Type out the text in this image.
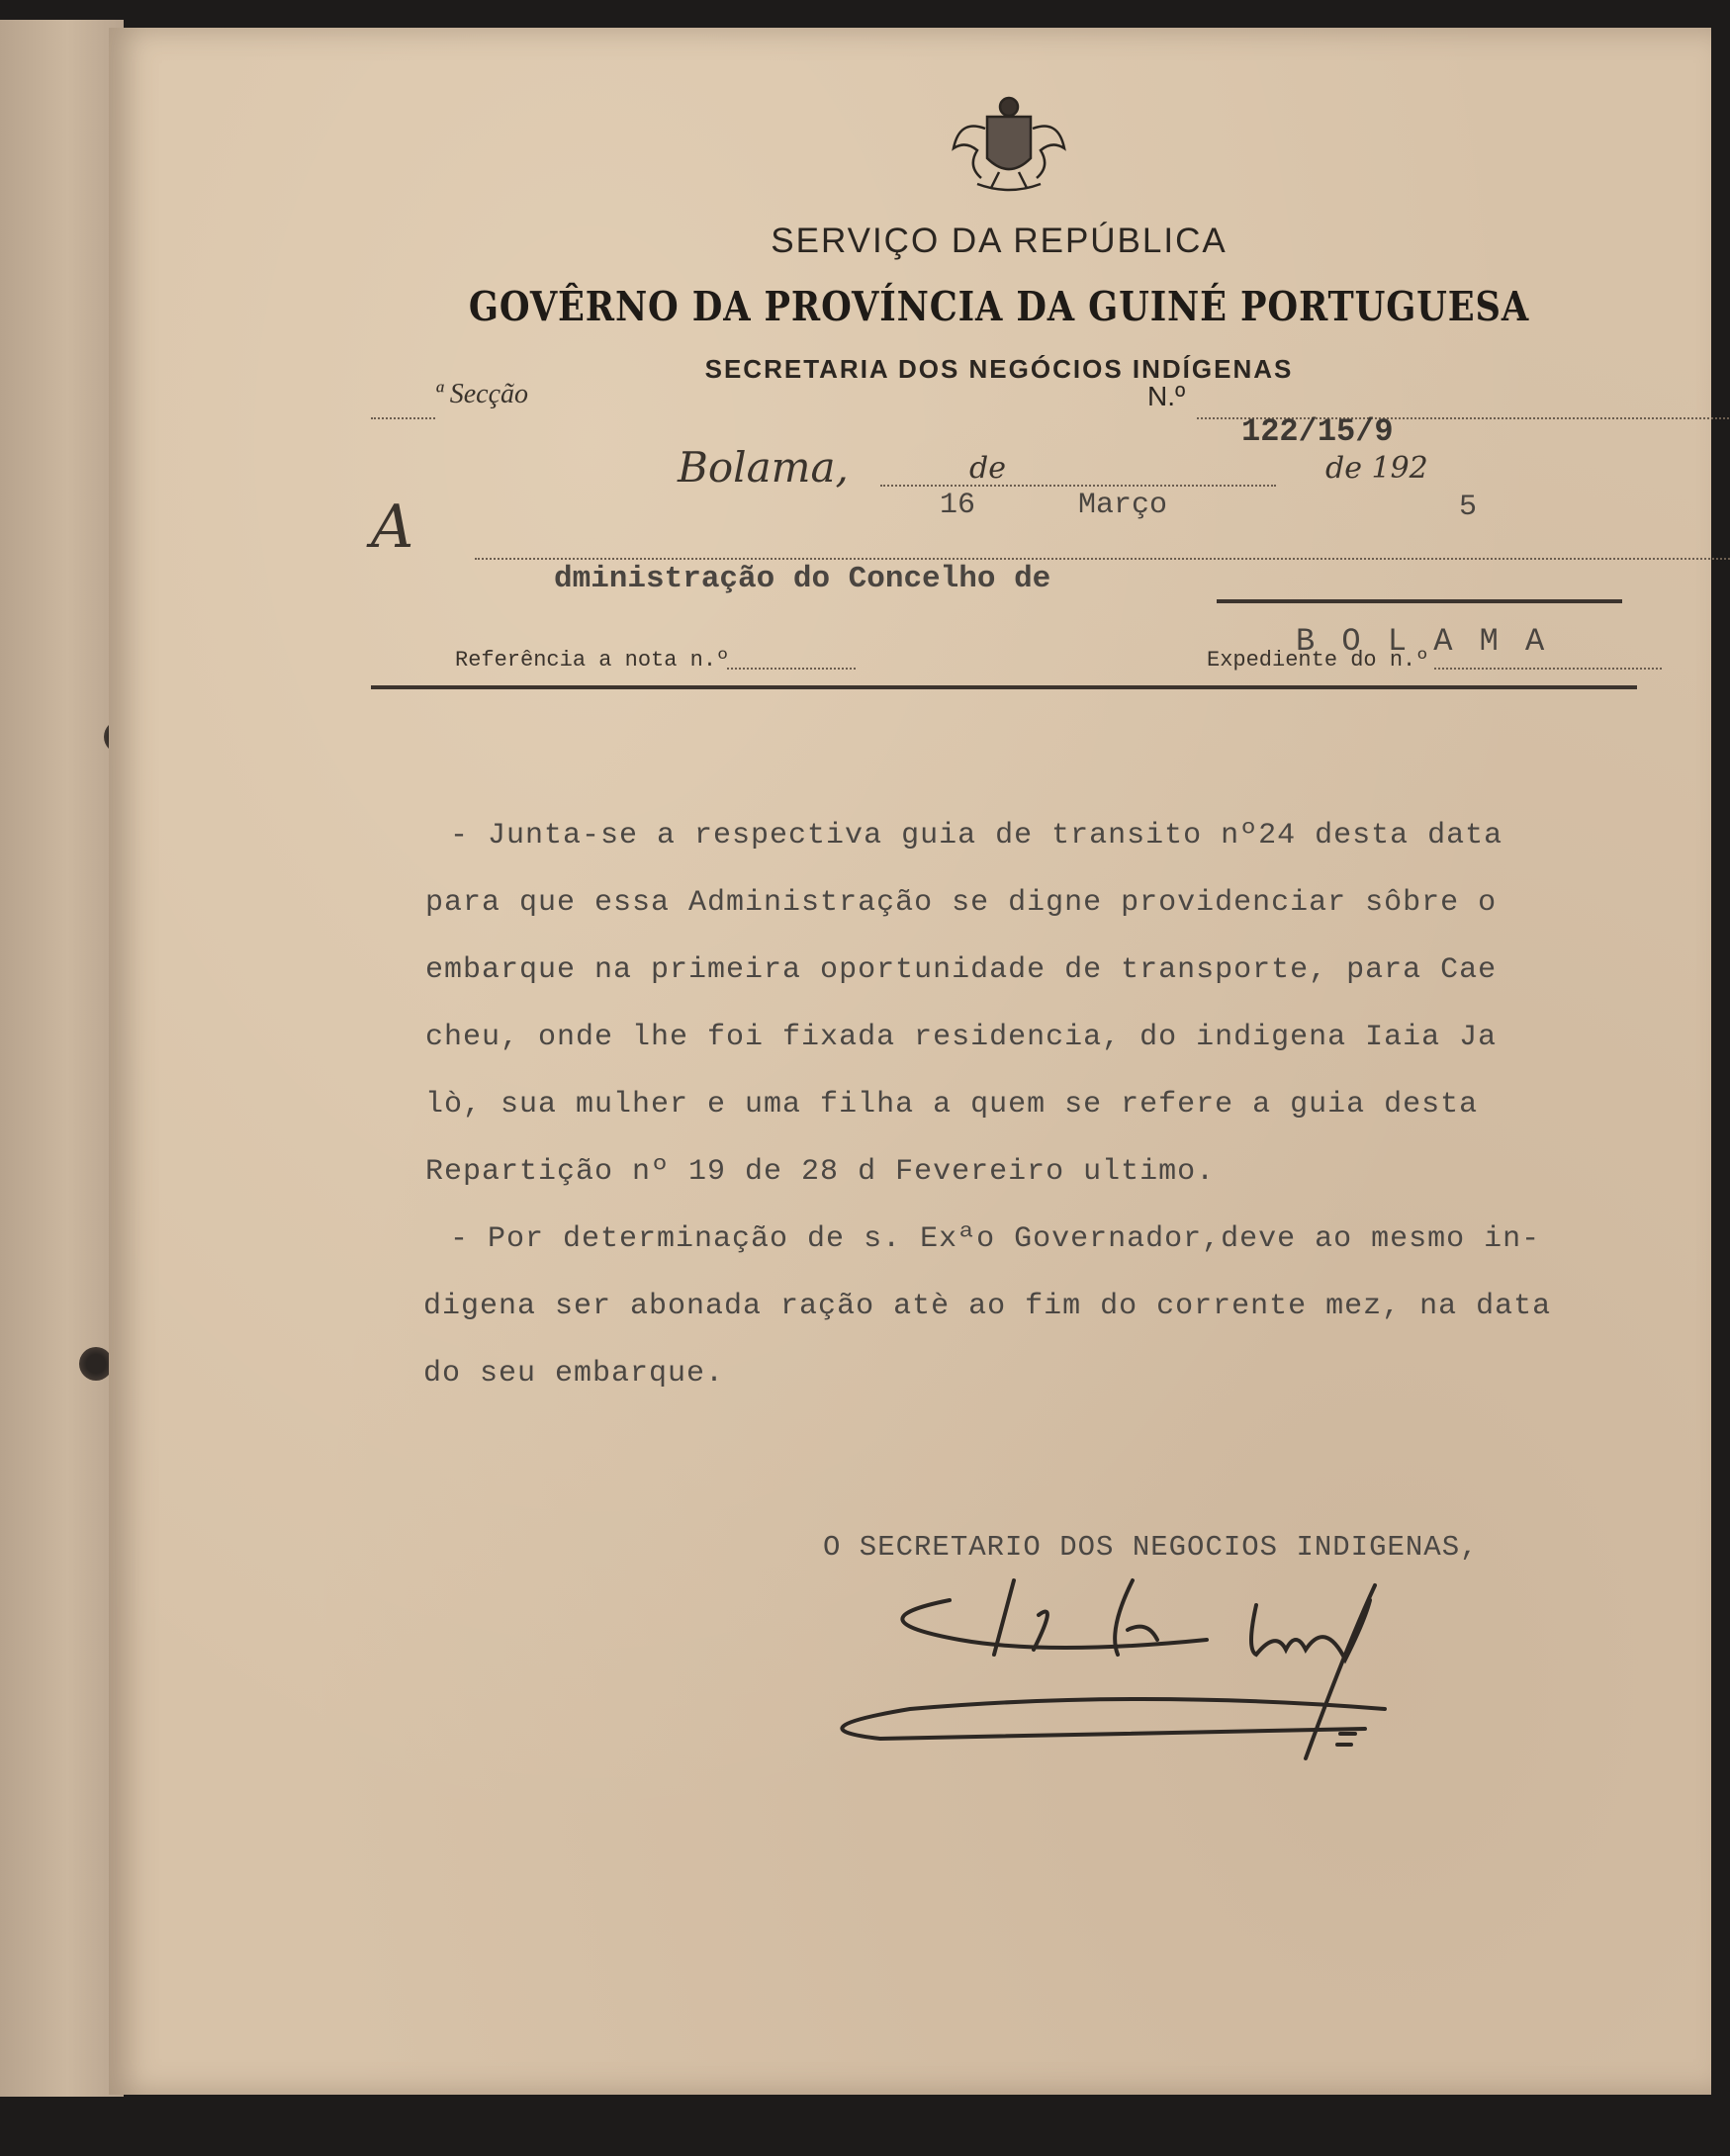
SERVIÇO DA REPÚBLICA
GOVÊRNO DA PROVÍNCIA DA GUINÉ PORTUGUESA
SECRETARIA DOS NEGÓCIOS INDÍGENAS
ª Secção	N.º
122/15/9
Bolama,	de	de 192
16	Março	5
A
dministração do Concelho de
Referência a nota n.º	Expediente do n.º
B O L A M A
- Junta-se a respectiva guia de transito nº24 desta data
para que essa Administração se digne providenciar sôbre o
embarque na primeira oportunidade de transporte, para Cae
cheu, onde lhe foi fixada residencia, do indigena Iaia Ja
lò, sua mulher e uma filha a quem se refere a guia desta
Repartição nº 19 de 28 d Fevereiro ultimo.
- Por determinação de s. Exªo Governador,deve ao mesmo in-
digena ser abonada ração atè ao fim do corrente mez, na data
do seu embarque.
O SECRETARIO DOS NEGOCIOS INDIGENAS,
